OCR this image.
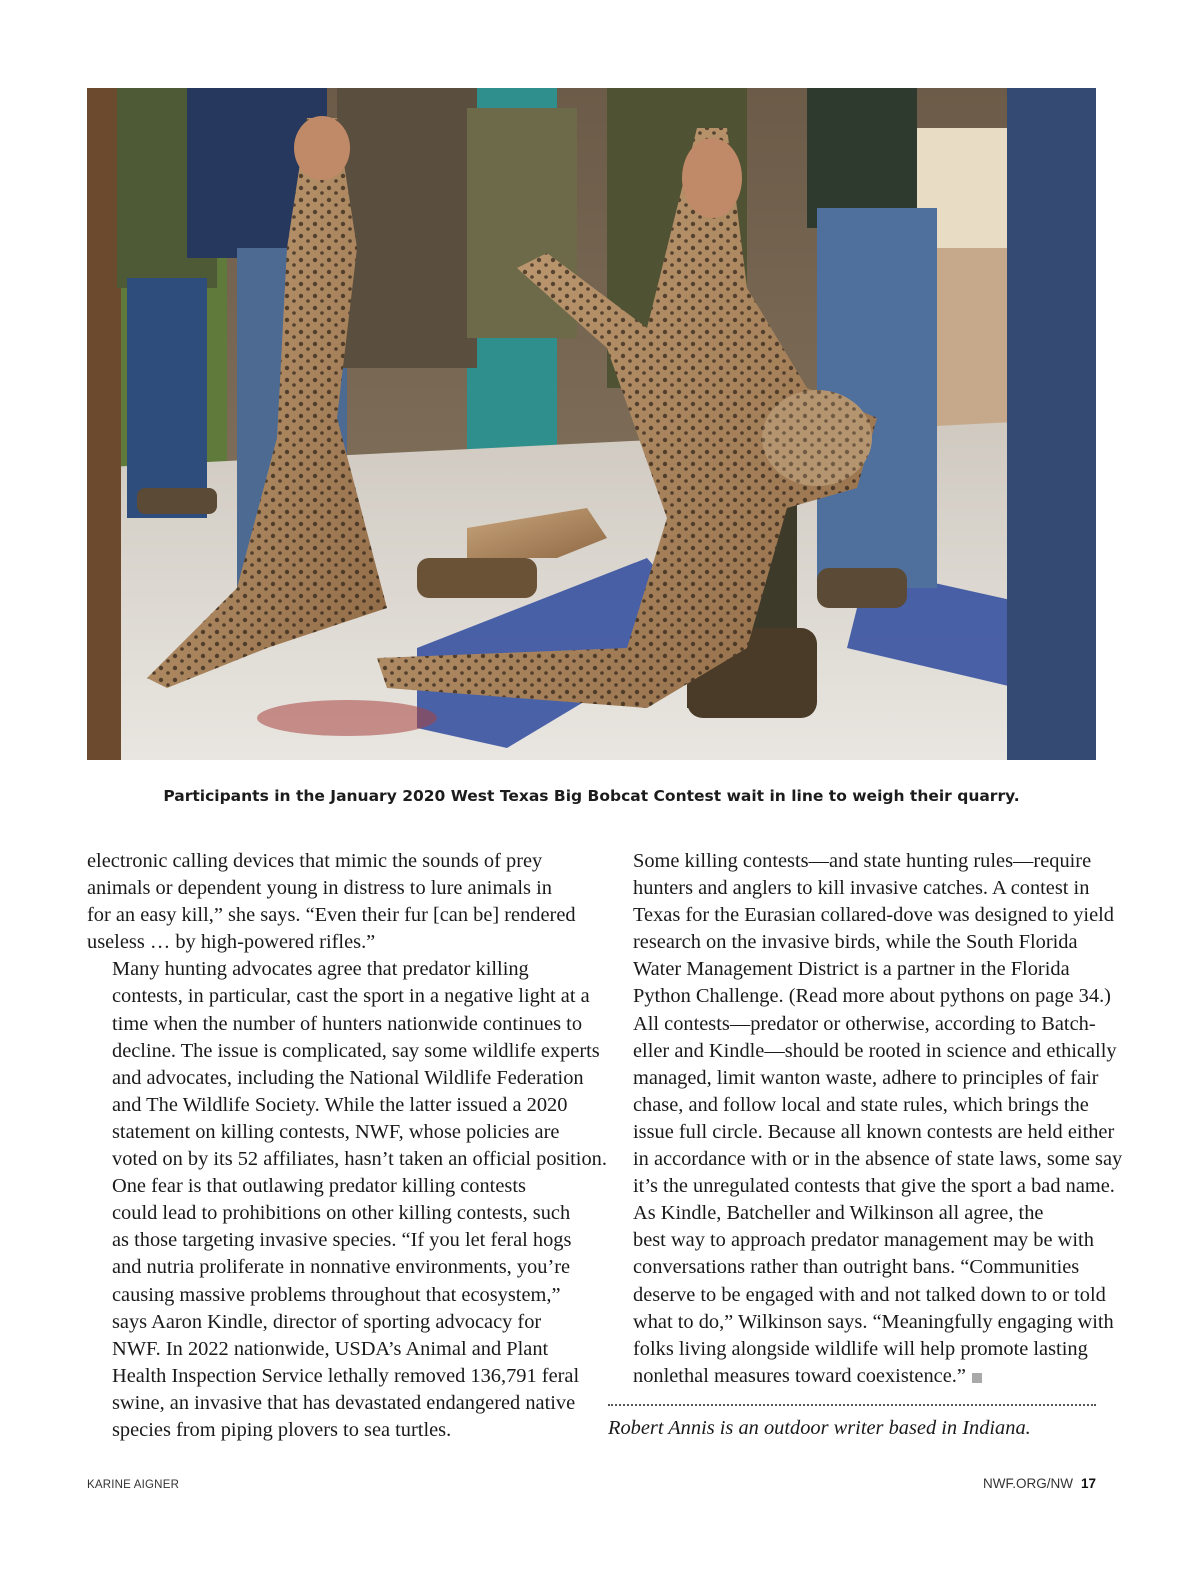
Participants in the January 2020 West Texas Big Bobcat Contest wait in line to weigh their quarry.

electronic calling devices that mimic the sounds of prey
animals or dependent young in distress to lure animals in
for an easy kill,” she says. “Even their fur [can be] rendered
useless … by high-powered rifles.”

Many hunting advocates agree that predator killing
contests, in particular, cast the sport in a negative light at a
time when the number of hunters nationwide continues to
decline. The issue is complicated, say some wildlife experts
and advocates, including the National Wildlife Federation
and The Wildlife Society. While the latter issued a 2020
statement on killing contests, NWF, whose policies are
voted on by its 52 affiliates, hasn’t taken an official position.

One fear is that outlawing predator killing contests
could lead to prohibitions on other killing contests, such
as those targeting invasive species. “If you let feral hogs
and nutria proliferate in nonnative environments, you’re
causing massive problems throughout that ecosystem,”
says Aaron Kindle, director of sporting advocacy for
NWF. In 2022 nationwide, USDA’s Animal and Plant
Health Inspection Service lethally removed 136,791 feral
swine, an invasive that has devastated endangered native
species from piping plovers to sea turtles.

Some killing contests—and state hunting rules—require
hunters and anglers to kill invasive catches. A contest in
Texas for the Eurasian collared-dove was designed to yield
research on the invasive birds, while the South Florida
Water Management District is a partner in the Florida
Python Challenge. (Read more about pythons on page 34.)

All contests—predator or otherwise, according to Batch-
eller and Kindle—should be rooted in science and ethically
managed, limit wanton waste, adhere to principles of fair
chase, and follow local and state rules, which brings the
issue full circle. Because all known contests are held either
in accordance with or in the absence of state laws, some say
it’s the unregulated contests that give the sport a bad name.

As Kindle, Batcheller and Wilkinson all agree, the
best way to approach predator management may be with
conversations rather than outright bans. “Communities
deserve to be engaged with and not talked down to or told
what to do,” Wilkinson says. “Meaningfully engaging with
folks living alongside wildlife will help promote lasting
nonlethal measures toward coexistence.”

Robert Annis is an outdoor writer based in Indiana.
KARINE AIGNER	NWF.ORG/NW 17
